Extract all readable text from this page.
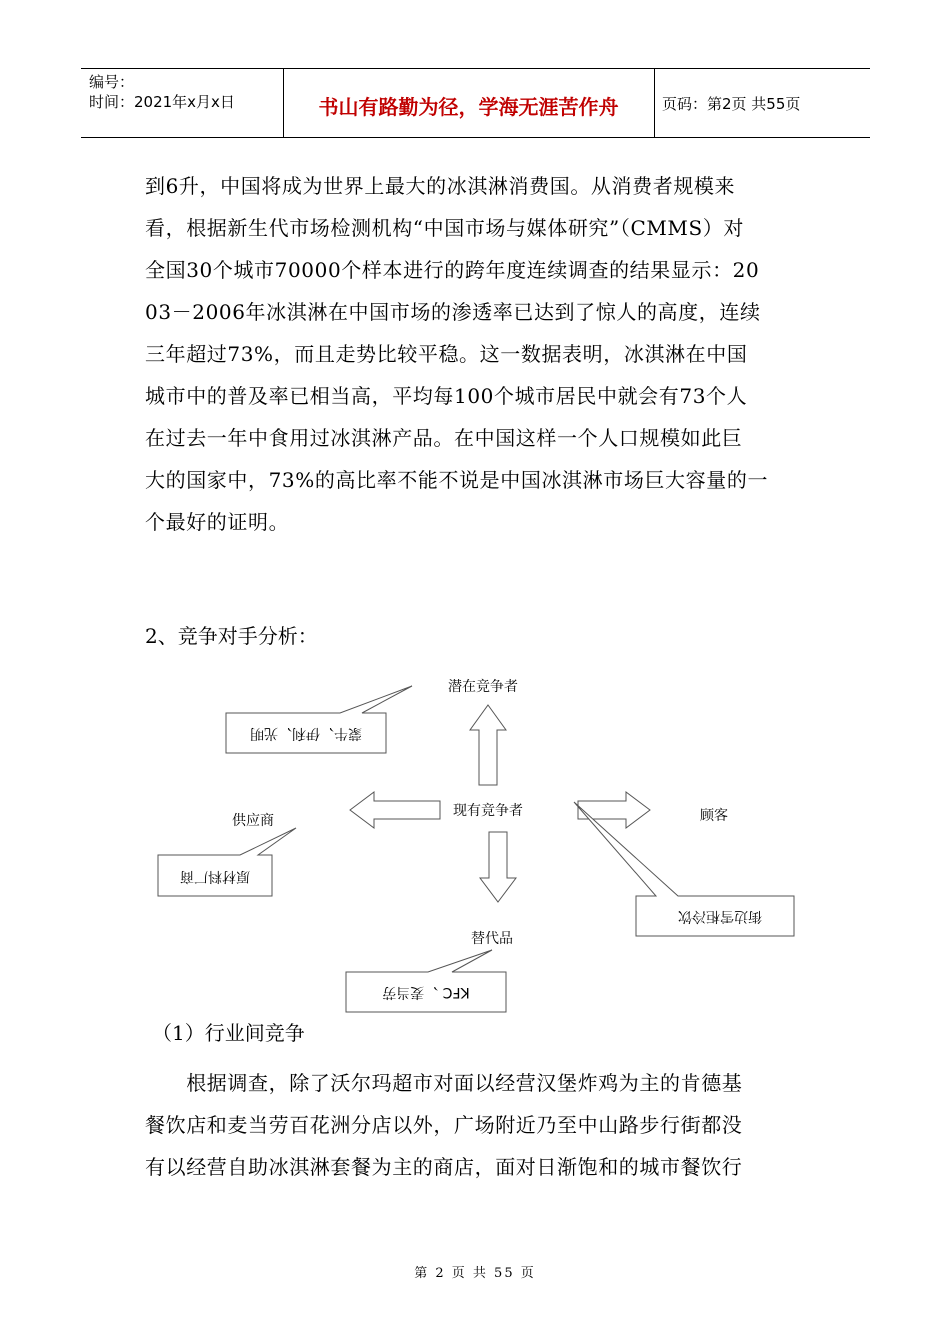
编号：
时间：2021年x月x日	书山有路勤为径，学海无涯苦作舟	页码：第2页 共55页

到6升，中国将成为世界上最大的冰淇淋消费国。从消费者规模来

看，根据新生代市场检测机构“中国市场与媒体研究”（CMMS）对

全国30个城市70000个样本进行的跨年度连续调查的结果显示：20

03－2006年冰淇淋在中国市场的渗透率已达到了惊人的高度，连续

三年超过73%，而且走势比较平稳。这一数据表明，冰淇淋在中国

城市中的普及率已相当高，平均每100个城市居民中就会有73个人

在过去一年中食用过冰淇淋产品。在中国这样一个人口规模如此巨

大的国家中，73%的高比率不能不说是中国冰淇淋市场巨大容量的一

个最好的证明。

2、竞争对手分析：
蒙牛、伊利、光明
原材料厂商
街边雪柜冷饮
KFC 、麦当劳
潜在竞争者
现有竞争者
供应商	顾客
替代品
（1）行业间竞争

　　根据调查，除了沃尔玛超市对面以经营汉堡炸鸡为主的肯德基

餐饮店和麦当劳百花洲分店以外，广场附近乃至中山路步行街都没

有以经营自助冰淇淋套餐为主的商店，面对日渐饱和的城市餐饮行

第 2 页 共 55 页
